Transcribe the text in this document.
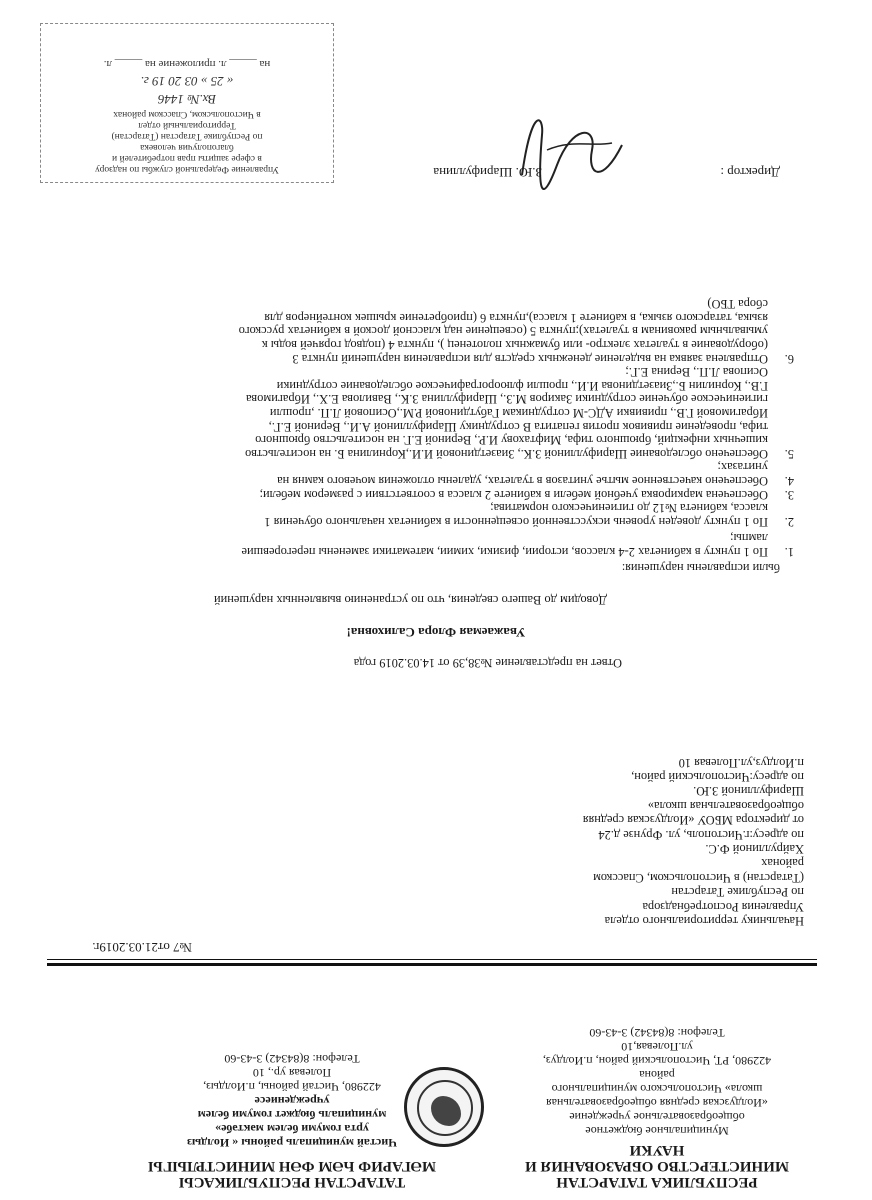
ТАТАРСТАН РЕСПУБЛИКАСЫ
МӘГАРИФ ҺӘМ ФӘН МИНИСТРЛЫГЫ
Чистай муниципаль районы « Иолдыз
урта гомуми белем мәктәбе»
муниципаль бюджет гомуми белем
учреждениесе
422980, Чистай районы, п.Иолдыз,
Полевая ур., 10
Телефон: 8(84342) 3-43-60
РЕСПУБЛИКА ТАТАРСТАН
МИНИСТЕРСТВО ОБРАЗОВАНИЯ И
НАУКИ
Муниципальное бюджетное
общеобразовательное учреждение
«Иолдузская средняя общеобразовательная
школа» Чистопольского муниципального
района
422980, РТ, Чистопольский район, п.Иолдуз,
ул.Полевая,10
Телефон: 8(84342) 3-43-60
№7 от21.03.2019г.
Начальнику территориального отдела
Управления Роспотребнадзора
по Республике Татарстан
(Татарстан) в Чистопольском, Спасском
районах
Хайруллиной Ф.С.
по адресу:г.Чистополь, ул. Фрунзе д.24
от директора МБОУ «Иолдузская средняя
общеобразовательная школа»
Шарифуллиной З.Ю.
по адресу:Чистопольский район,
п.Иолдуз,ул.Полевая 10
Ответ на представление №38,39 от 14.03.2019 года
Уважаемая Флора Салиховна!
Доводим до Вашего сведения, что по устранению выявленных нарушений
были исправлены нарушения:
1.
По 1 пункту в кабинетах 2-4 классов, истории, физики, химии, математики заменены перегоревшие
лампы;
2.
По 1 пункту доведен уровень искусственной освещенности в кабинетах начального обучения 1
класса, кабинета №12 до гигиенического норматива;
3.
Обеспечена маркировка учебной мебели в кабинете 2 класса в соответствии с размером мебели;
4.
Обеспечено качественное мытье унитазов в туалетах, удалены отложения мочевого камня на
унитазах;
5.
Обеспечено обследование Шарифуллиной З.К., Зиазетдиновой И.И.,Корнилина Б. на носительство
кишечных инфекций, брюшного тифа, Мифтахову И.Р., Вериной Е.Г. на носительство брюшного
тифа, проведение прививок против гепатита В сотруднику Шарифуллиной А.И., Вериной Е.Г.,
Ибрагимовой Г.В., прививки АДС-М сотрудникам Габутдиновой Р.М.,Осиповой Л.П. ,прошли
гигиеническое обучение сотрудники Закиров М.З., Шарифуллина З.К., Вавилова Е.Х., Ибрагимова
Г.В., Корнилин Б.,Зиазетдинова И.И., прошли флюорографическое обследование сотрудники
Осипова Л.П., Верина Е.Г.;
6.
Отправлена заявка на выделение денежных средств для исправления нарушений пункта 3
(оборудование в туалетах электро- или бумажных полотенец ), пункта 4 (подвод горячей воды к
умывальным раковинам в туалетах);пункта 5 (освещение над классной доской в кабинетах русского
языка, татарского языка, в кабинете 1 класса),пункта 6 (приобретение крышек контейнеров для
сбора ТБО)
Директор :
З.Ю. Шарифуллина
Управление Федеральной службы по надзору
в сфере защиты прав потребителей и
благополучия человека
по Республике Татарстан (Татарстан)
Территориальный отдел
в Чистопольском, Спасском районах
Вх.№ 1446
« 25 » 03 20 19 г.
на _____ л. приложение на _____ л.
